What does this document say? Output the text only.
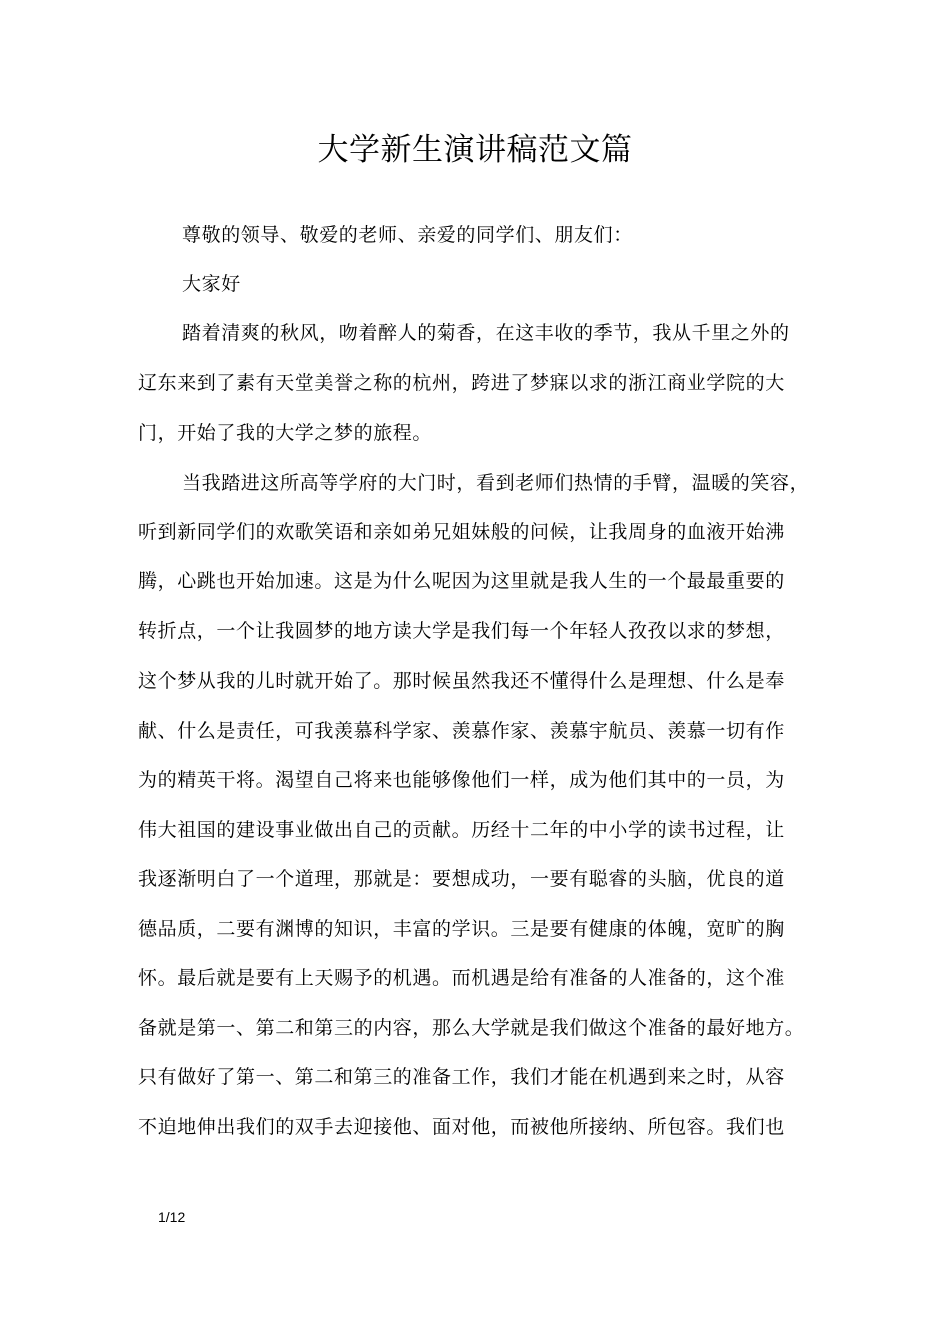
大学新生演讲稿范文篇

尊敬的领导、敬爱的老师、亲爱的同学们、朋友们：

大家好

踏着清爽的秋风，吻着醉人的菊香，在这丰收的季节，我从千里之外的

辽东来到了素有天堂美誉之称的杭州，跨进了梦寐以求的浙江商业学院的大

门，开始了我的大学之梦的旅程。

当我踏进这所高等学府的大门时，看到老师们热情的手臂，温暖的笑容，

听到新同学们的欢歌笑语和亲如弟兄姐妹般的问候，让我周身的血液开始沸

腾，心跳也开始加速。这是为什么呢因为这里就是我人生的一个最最重要的

转折点，一个让我圆梦的地方读大学是我们每一个年轻人孜孜以求的梦想，

这个梦从我的儿时就开始了。那时候虽然我还不懂得什么是理想、什么是奉

献、什么是责任，可我羡慕科学家、羡慕作家、羡慕宇航员、羡慕一切有作

为的精英干将。渴望自己将来也能够像他们一样，成为他们其中的一员，为

伟大祖国的建设事业做出自己的贡献。历经十二年的中小学的读书过程，让

我逐渐明白了一个道理，那就是：要想成功，一要有聪睿的头脑，优良的道

德品质，二要有渊博的知识，丰富的学识。三是要有健康的体魄，宽旷的胸

怀。最后就是要有上天赐予的机遇。而机遇是给有准备的人准备的，这个准

备就是第一、第二和第三的内容，那么大学就是我们做这个准备的最好地方。

只有做好了第一、第二和第三的准备工作，我们才能在机遇到来之时，从容

不迫地伸出我们的双手去迎接他、面对他，而被他所接纳、所包容。我们也

1/12
